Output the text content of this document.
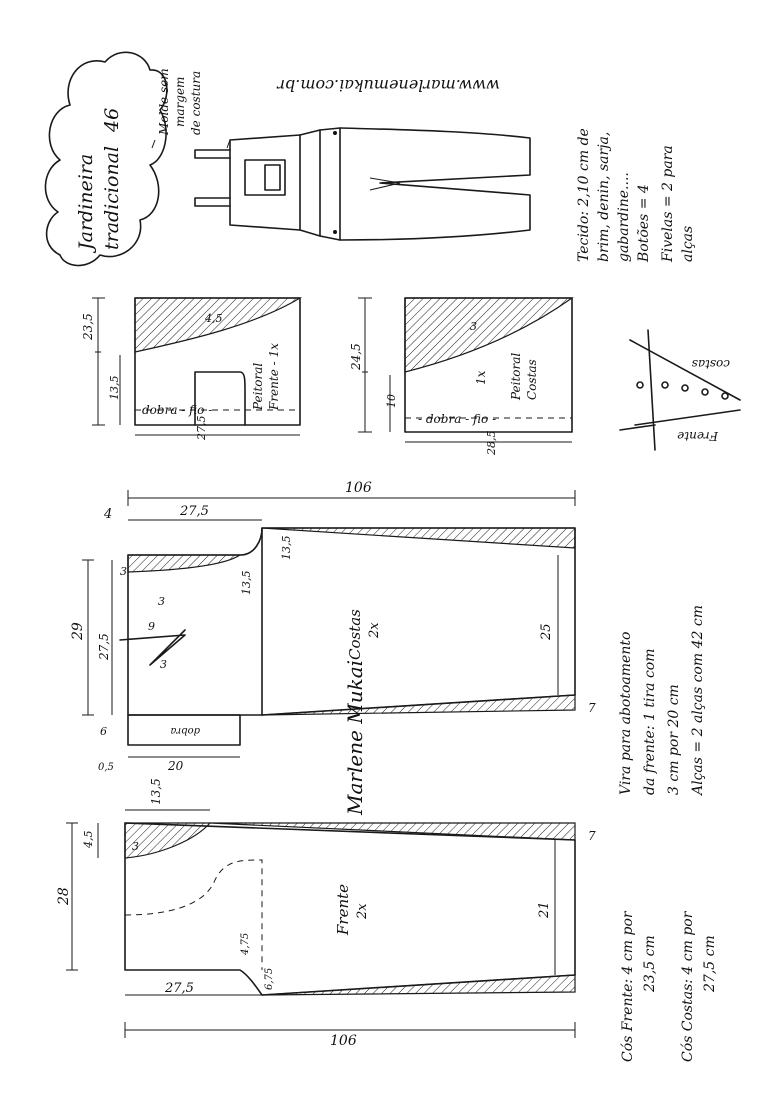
Jardineira tradicional
46	Molde sem margem de costura	www.marlenemukai.com.br
Tecido: 2,10 cm de brim, denin, sarja, gabardine.... Botões = 4 Fivelas = 2 para alças
4,5
23,5
13,5
27,5
dobra - fio -	Peitoral Frente - 1x
3
24,5
10
28,5
- dobra - fio -
Peitoral Costas
1x
costas
Frente
106
27,5
4
13,5
13,5
25
7
29
27,5
3
9
3
3
6
0,5	20
dobra
Costas 2x
Marlene Mukai
106
27,5
13,5
4,5
28
3
6,75
4,75
21
7
Frente 2x
Vira para abotoamento da frente: 1 tira com 3 cm por 20 cm Alças = 2 alças com 42 cm
Cós Frente: 4 cm por 23,5 cm Cós Costas: 4 cm por 27,5 cm
